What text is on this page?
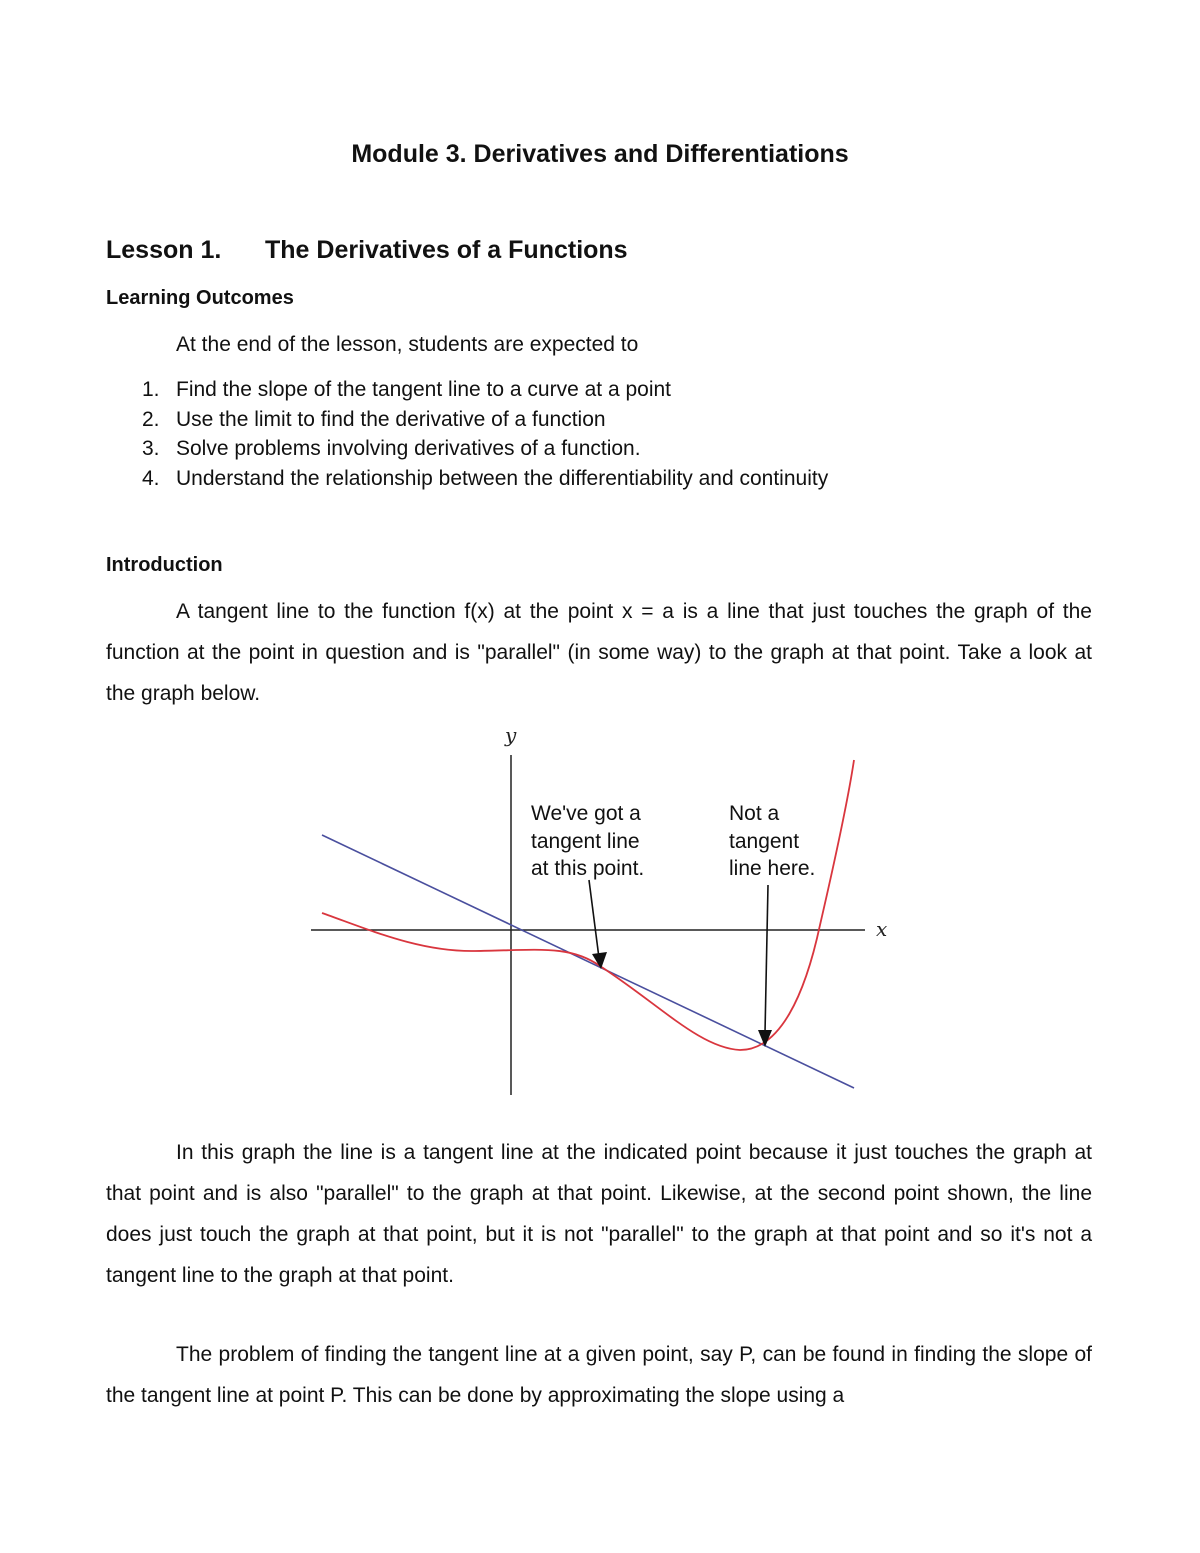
Module 3. Derivatives and Differentiations
Lesson 1. The Derivatives of a Functions
Learning Outcomes
At the end of the lesson, students are expected to
1. Find the slope of the tangent line to a curve at a point
2. Use the limit to find the derivative of a function
3. Solve problems involving derivatives of a function.
4. Understand the relationship between the differentiability and continuity
Introduction

A tangent line to the function f(x) at the point x = a is a line that just touches the graph of the function at the point in question and is "parallel" (in some way) to the graph at that point. Take a look at the graph below.

y
x
We've got a
tangent line
at this point.
Not a
tangent
line here.

In this graph the line is a tangent line at the indicated point because it just touches the graph at that point and is also "parallel" to the graph at that point. Likewise, at the second point shown, the line does just touch the graph at that point, but it is not "parallel" to the graph at that point and so it's not a tangent line to the graph at that point.

The problem of finding the tangent line at a given point, say P, can be found in finding the slope of the tangent line at point P. This can be done by approximating the slope using a
